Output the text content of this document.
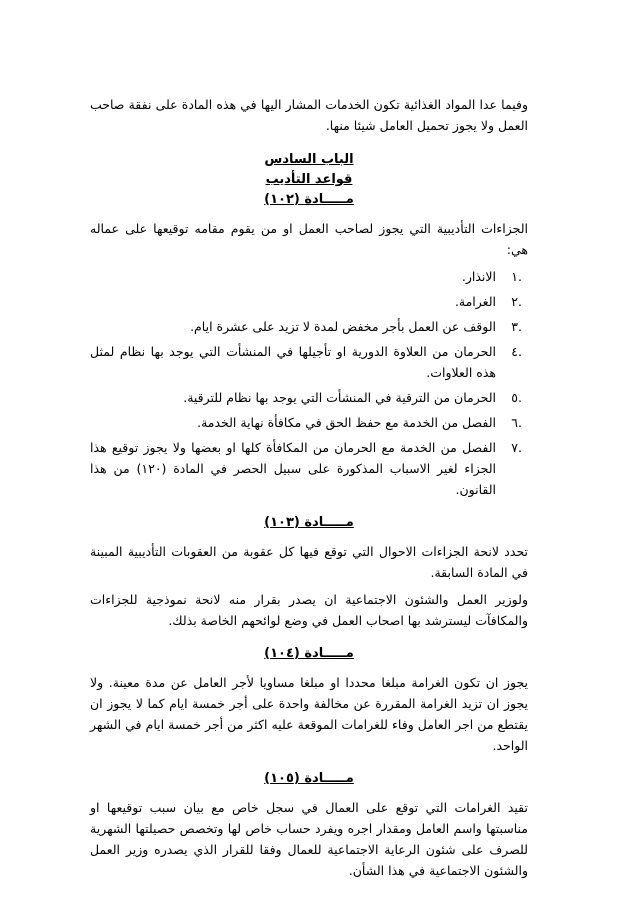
وفيما عدا المواد الغذائية تكون الخدمات المشار اليها في هذه المادة على نفقة صاحب العمل ولا يجوز تحميل العامل شيئا منها.

الباب السادس
قواعد التأديب
مـــــادة (١٠٢)

الجزاءات التأديبية التي يجوز لصاحب العمل او من يقوم مقامه توقيعها على عماله هي:

.١
الانذار.
.٢
الغرامة.
.٣
الوقف عن العمل بأجر مخفض لمدة لا تزيد على عشرة ايام.
.٤
الحرمان من العلاوة الدورية او تأجيلها في المنشأت التي يوجد بها نظام لمثل هذه العلاوات.
.٥
الحرمان من الترقية في المنشأت التي يوجد بها نظام للترقية.
.٦
الفصل من الخدمة مع حفظ الحق في مكافأة نهاية الخدمة.
.٧
الفصل من الخدمة مع الحرمان من المكافأة كلها او بعضها ولا يجوز توقيع هذا الجزاء لغير الاسباب المذكورة على سبيل الحصر في المادة (١٢٠) من هذا القانون.
مـــــادة (١٠٣)

تحدد لانحة الجزاءات الاحوال التي توقع فيها كل عقوبة من العقوبات التأديبية المبينة في المادة السابقة.

ولوزير العمل والشئون الاجتماعية ان يصدر بقرار منه لانحة نموذجية للجزاءات والمكافآت ليسترشد بها اصحاب العمل في وضع لوائحهم الخاصة بذلك.

مـــــادة (١٠٤)

يجوز ان تكون الغرامة مبلغا محددا او مبلغا مساويا لأجر العامل عن مدة معينة. ولا يجوز ان تزيد الغرامة المقررة عن مخالفة واحدة على أجر خمسة ايام كما لا يجوز ان يقتطع من اجر العامل وفاء للغرامات الموقعة عليه اكثر من أجر خمسة ايام في الشهر الواحد.

مـــــادة (١٠٥)

تقيد الغرامات التي توقع على العمال في سجل خاص مع بيان سبب توقيعها او مناسبتها واسم العامل ومقدار اجره ويفرد حساب خاص لها وتخصص حصيلتها الشهرية للصرف على شئون الرعاية الاجتماعية للعمال وفقا للقرار الذي يصدره وزير العمل والشئون الاجتماعية في هذا الشأن.
